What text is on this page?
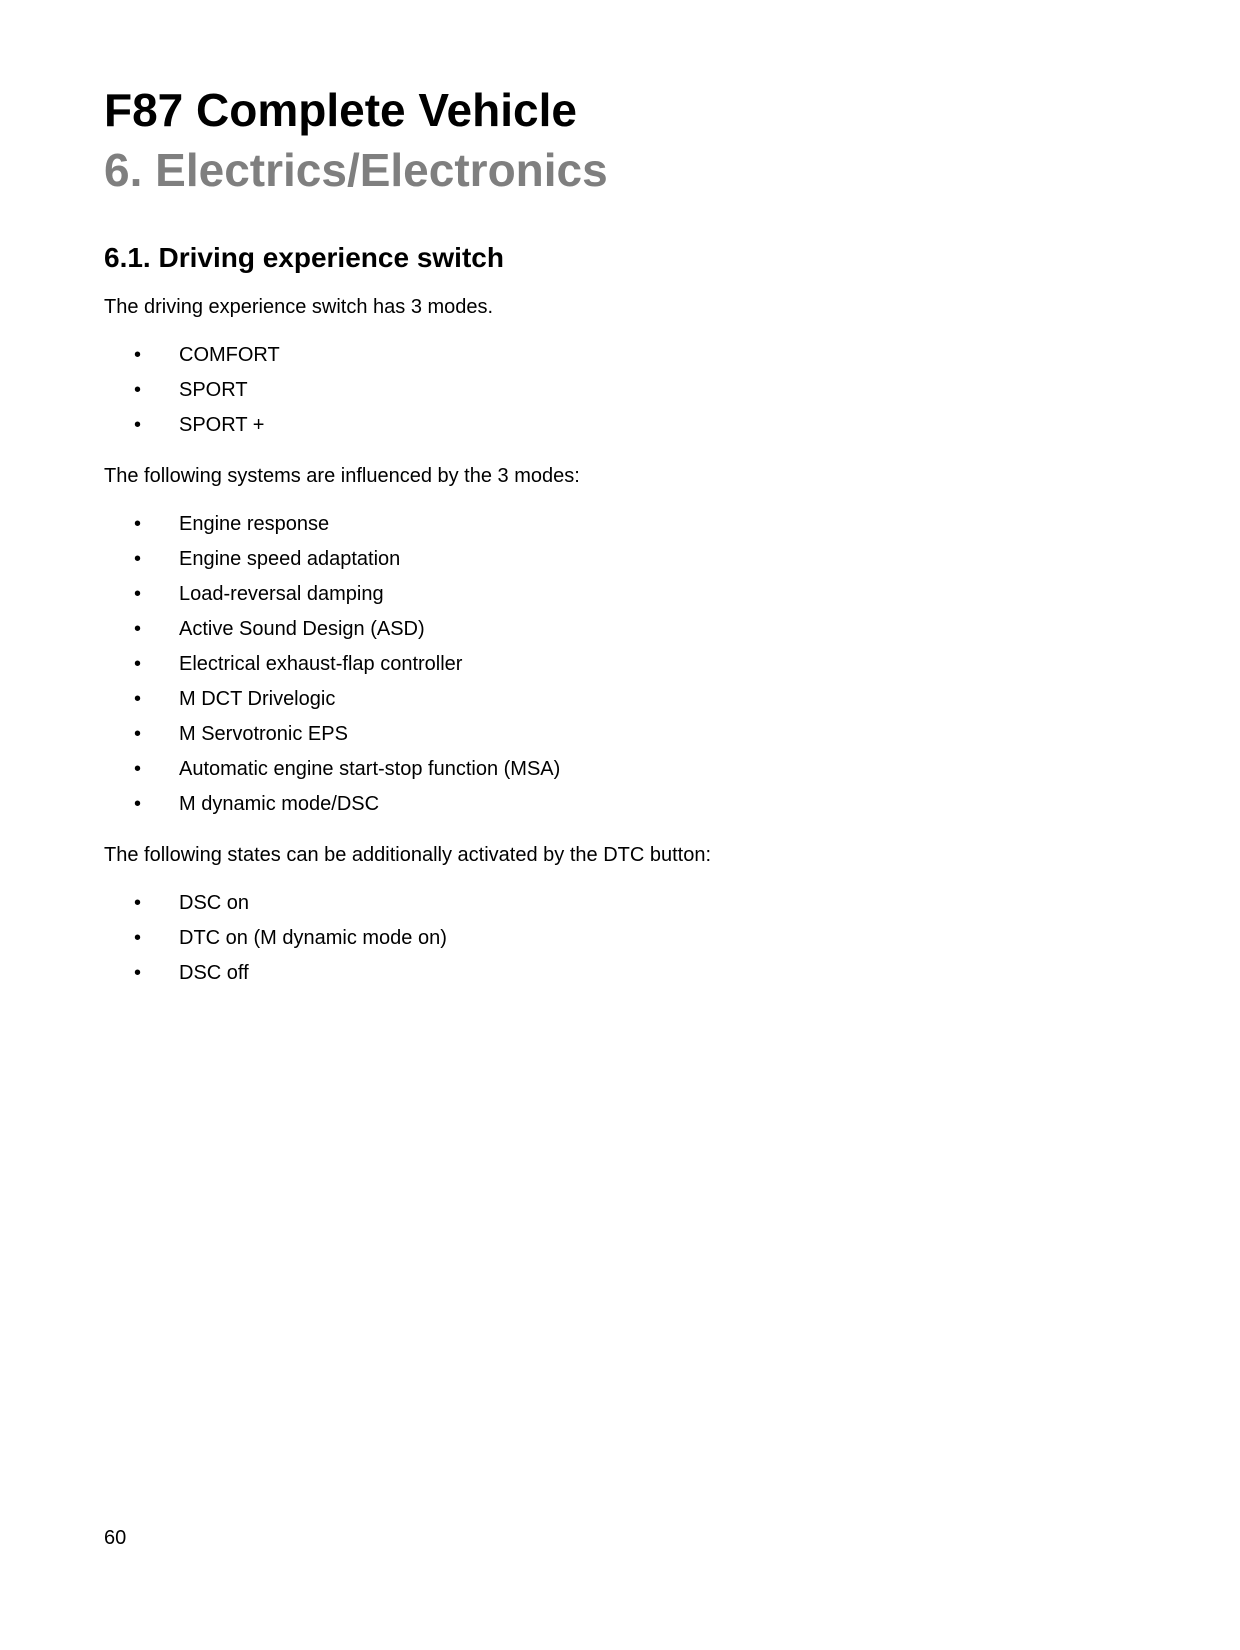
F87 Complete Vehicle
6. Electrics/Electronics
6.1. Driving experience switch

The driving experience switch has 3 modes.

• COMFORT
• SPORT
• SPORT +

The following systems are influenced by the 3 modes:

• Engine response
• Engine speed adaptation
• Load-reversal damping
• Active Sound Design (ASD)
• Electrical exhaust-flap controller
• M DCT Drivelogic
• M Servotronic EPS
• Automatic engine start-stop function (MSA)
• M dynamic mode/DSC

The following states can be additionally activated by the DTC button:

• DSC on
• DTC on (M dynamic mode on)
• DSC off
60
